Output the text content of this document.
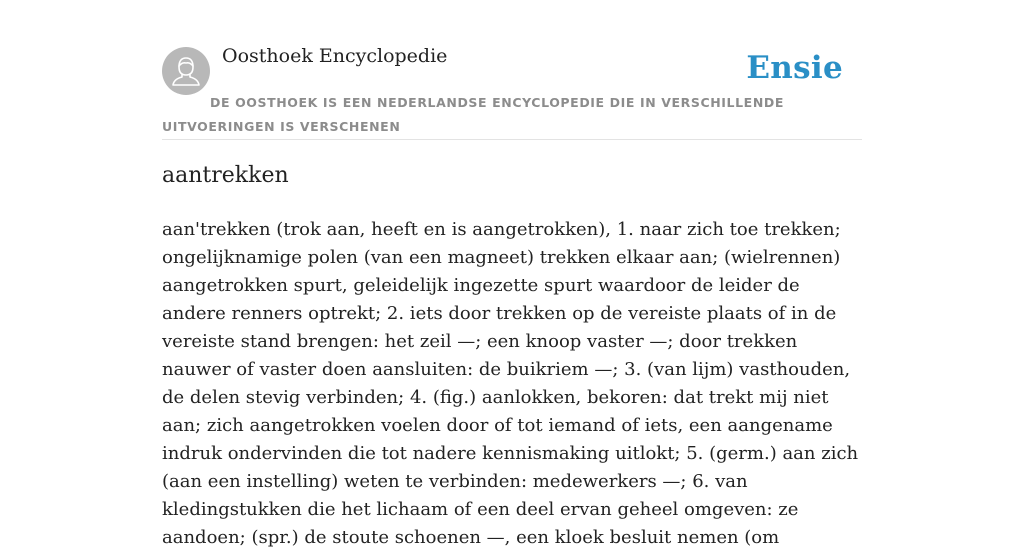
Oosthoek Encyclopedie	Ensie
DE OOSTHOEK IS EEN NEDERLANDSE ENCYCLOPEDIE DIE IN VERSCHILLENDE UITVOERINGEN IS VERSCHENEN
aantrekken

aan'trekken (trok aan, heeft en is aangetrokken), 1. naar zich toe trekken; ongelijknamige polen (van een magneet) trekken elkaar aan; (wielrennen) aangetrokken spurt, geleidelijk ingezette spurt waardoor de leider de andere renners optrekt; 2. iets door trekken op de vereiste plaats of in de vereiste stand brengen: het zeil —; een knoop vaster —; door trekken nauwer of vaster doen aansluiten: de buikriem —; 3. (van lijm) vasthouden, de delen stevig verbinden; 4. (fig.) aanlokken, bekoren: dat trekt mij niet aan; zich aangetrokken voelen door of tot iemand of iets, een aangename indruk ondervinden die tot nadere kennismaking uitlokt; 5. (germ.) aan zich (aan een instelling) weten te verbinden: medewerkers —; 6. van kledingstukken die het lichaam of een deel ervan geheel omgeven: ze aandoen; (spr.) de stoute schoenen —, een kloek besluit nemen (om
